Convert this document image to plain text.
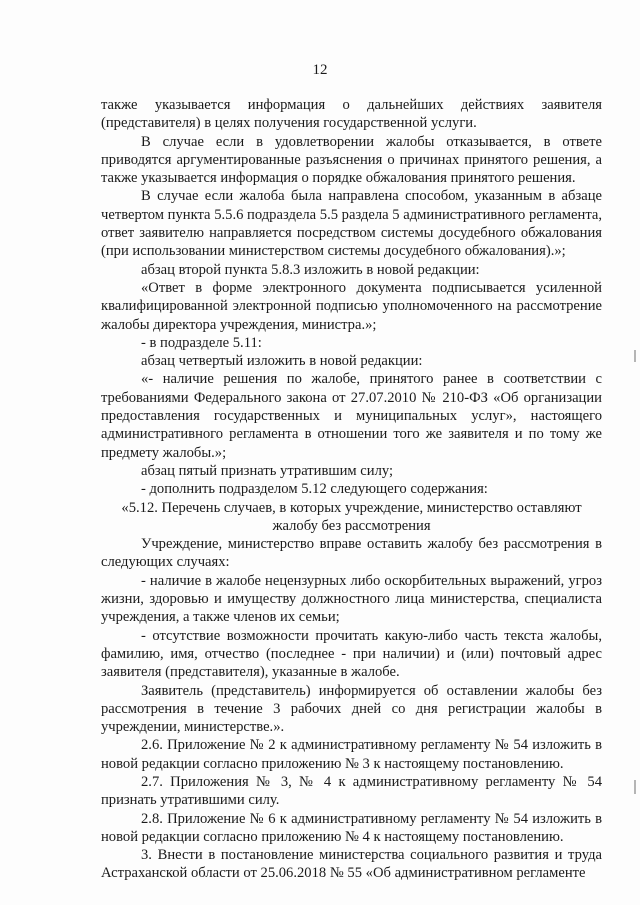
12

также указывается информация о дальнейших действиях заявителя (представителя) в целях получения государственной услуги.

В случае если в удовлетворении жалобы отказывается, в ответе приводятся аргументированные разъяснения о причинах принятого решения, а также указывается информация о порядке обжалования принятого решения.

В случае если жалоба была направлена способом, указанным в абзаце четвертом пункта 5.5.6 подраздела 5.5 раздела 5 административного регламента, ответ заявителю направляется посредством системы досудебного обжалования (при использовании министерством системы досудебного обжалования).»;

абзац второй пункта 5.8.3 изложить в новой редакции:

«Ответ в форме электронного документа подписывается усиленной квалифицированной электронной подписью уполномоченного на рассмотрение жалобы директора учреждения, министра.»;

- в подразделе 5.11:

абзац четвертый изложить в новой редакции:

«- наличие решения по жалобе, принятого ранее в соответствии с требованиями Федерального закона от 27.07.2010 № 210-ФЗ «Об организации предоставления государственных и муниципальных услуг», настоящего административного регламента в отношении того же заявителя и по тому же предмету жалобы.»;

абзац пятый признать утратившим силу;

- дополнить подразделом 5.12 следующего содержания:

«5.12. Перечень случаев, в которых учреждение, министерство оставляют жалобу без рассмотрения

Учреждение, министерство вправе оставить жалобу без рассмотрения в следующих случаях:

- наличие в жалобе нецензурных либо оскорбительных выражений, угроз жизни, здоровью и имуществу должностного лица министерства, специалиста учреждения, а также членов их семьи;

- отсутствие возможности прочитать какую-либо часть текста жалобы, фамилию, имя, отчество (последнее - при наличии) и (или) почтовый адрес заявителя (представителя), указанные в жалобе.

Заявитель (представитель) информируется об оставлении жалобы без рассмотрения в течение 3 рабочих дней со дня регистрации жалобы в учреждении, министерстве.».

2.6. Приложение № 2 к административному регламенту № 54 изложить в новой редакции согласно приложению № 3 к настоящему постановлению.

2.7. Приложения № 3, № 4 к административному регламенту № 54 признать утратившими силу.

2.8. Приложение № 6 к административному регламенту № 54 изложить в новой редакции согласно приложению № 4 к настоящему постановлению.

3. Внести в постановление министерства социального развития и труда Астраханской области от 25.06.2018 № 55 «Об административном регламенте
